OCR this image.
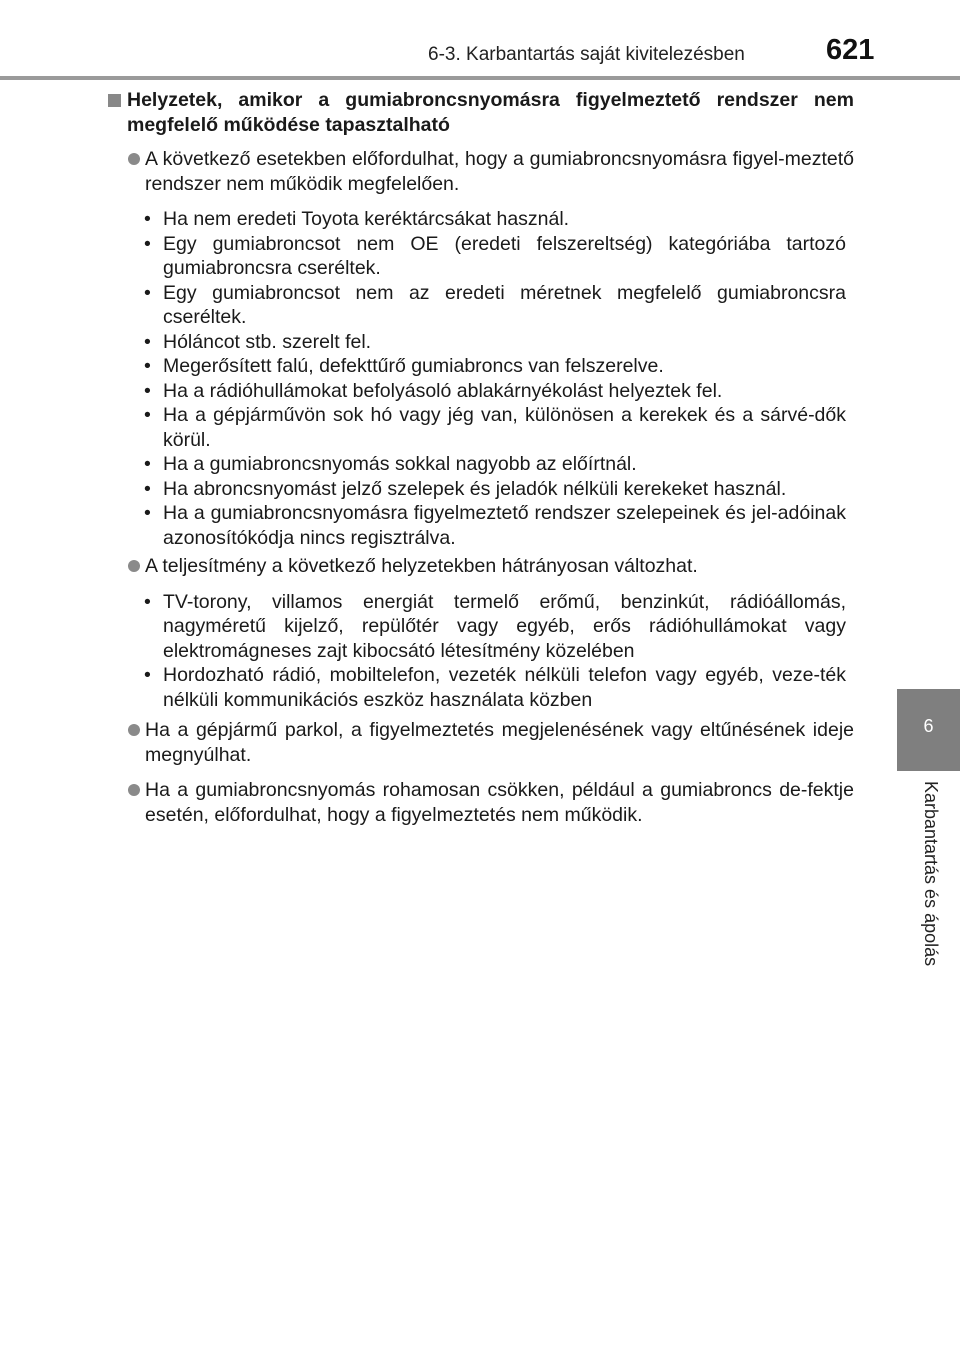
6-3. Karbantartás saját kivitelezésben	621
6
Karbantartás és ápolás
Helyzetek, amikor a gumiabroncsnyomásra figyelmeztető rendszer nem megfelelő működése tapasztalható
A következő esetekben előfordulhat, hogy a gumiabroncsnyomásra figyel-meztető rendszer nem működik megfelelően.
• Ha nem eredeti Toyota keréktárcsákat használ.
• Egy gumiabroncsot nem OE (eredeti felszereltség) kategóriába tartozó gumiabroncsra cseréltek.
• Egy gumiabroncsot nem az eredeti méretnek megfelelő gumiabroncsra cseréltek.
• Hóláncot stb. szerelt fel.
• Megerősített falú, defekttűrő gumiabroncs van felszerelve.
• Ha a rádióhullámokat befolyásoló ablakárnyékolást helyeztek fel.
• Ha a gépjárművön sok hó vagy jég van, különösen a kerekek és a sárvé-dők körül.
• Ha a gumiabroncsnyomás sokkal nagyobb az előírtnál.
• Ha abroncsnyomást jelző szelepek és jeladók nélküli kerekeket használ.
• Ha a gumiabroncsnyomásra figyelmeztető rendszer szelepeinek és jel-adóinak azonosítókódja nincs regisztrálva.
A teljesítmény a következő helyzetekben hátrányosan változhat.
• TV-torony, villamos energiát termelő erőmű, benzinkút, rádióállomás, nagyméretű kijelző, repülőtér vagy egyéb, erős rádióhullámokat vagy elektromágneses zajt kibocsátó létesítmény közelében
• Hordozható rádió, mobiltelefon, vezeték nélküli telefon vagy egyéb, veze-ték nélküli kommunikációs eszköz használata közben
Ha a gépjármű parkol, a figyelmeztetés megjelenésének vagy eltűnésének ideje megnyúlhat.
Ha a gumiabroncsnyomás rohamosan csökken, például a gumiabroncs de-fektje esetén, előfordulhat, hogy a figyelmeztetés nem működik.
